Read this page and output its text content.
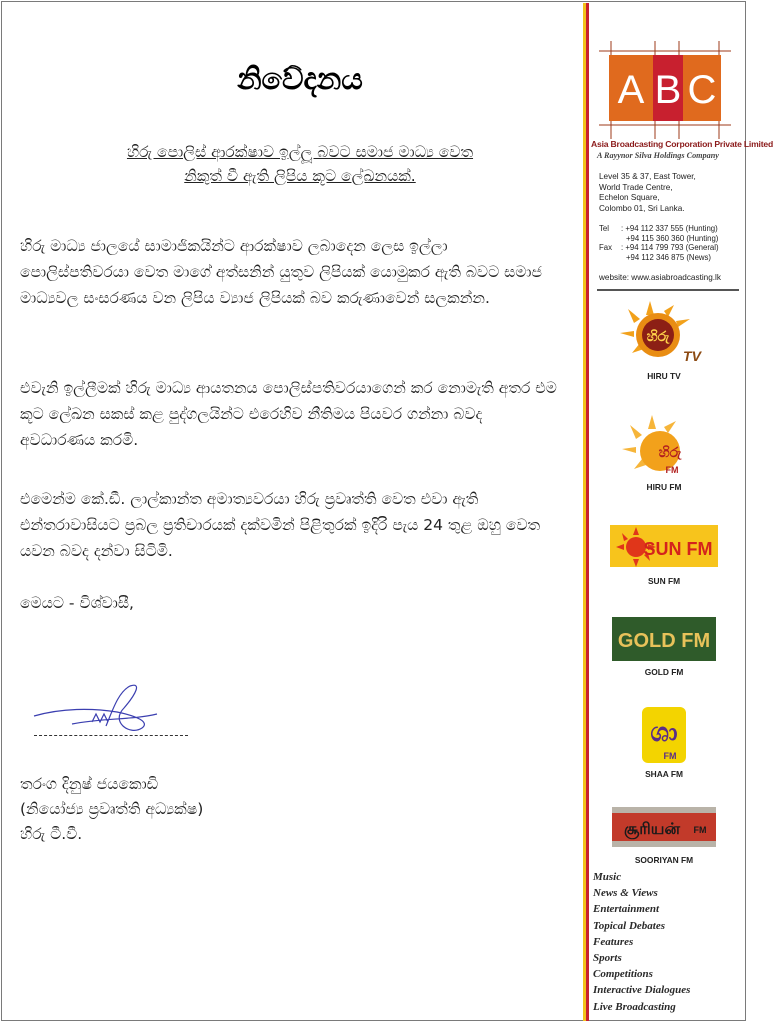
නිවේදනය
හිරු පොලිස් ආරක්ෂාව ඉල්ලූ බවට සමාජ මාධ්‍ය වෙත
නිකුත් වී ඇති ලිපිය කූට ලේඛනයක්.

හිරු මාධ්‍ය ජාලයේ සාමාජිකයින්ට ආරක්ෂාව ලබාදෙන ලෙස ඉල්ලා පොලිස්පතිවරයා වෙත මාගේ අත්සනින් යුතුව ලිපියක් යොමුකර ඇති බවට සමාජ මාධ්‍යවල සංසරණය වන ලිපිය ව්‍යාජ ලිපියක් බව කරුණාවෙන් සලකන්න.

එවැනි ඉල්ලීමක් හිරු මාධ්‍ය ආයතනය පොලිස්පතිවරයාගෙන් කර නොමැති අතර එම කූට ලේඛන සකස් කළ පුද්ගලයින්ට එරෙහිව නීතිමය පියවර ගන්නා බවද අවධාරණය කරමි.

එමෙන්ම කේ.ඩී. ලාල්කාන්ත අමාත්‍යවරයා හිරු ප්‍රවෘත්ති වෙත එවා ඇති එන්තරාවාසියට ප්‍රබල ප්‍රතිචාරයක් දක්වමින් පිළිතුරක් ඉදිරි පැය 24 තුළ ඔහු වෙත යවන බවද දන්වා සිටිමි.

මෙයට - විශ්වාසී,

තරංග දිනුෂ් ජයකොඩි
(නියෝජ්‍ය ප්‍රවෘත්ති අධ්‍යක්ෂ)
හිරු ටී.වී.
A B C
Asia Broadcasting Corporation Private Limited
A Rayynor Silva Holdings Company
Level 35 & 37, East Tower,
World Trade Centre,
Echelon Square,
Colombo 01, Sri Lanka.
Tel	: +94 112 337 555 (Hunting)
+94 115 360 360 (Hunting)
Fax	: +94 114 799 793 (General)
+94 112 346 875 (News)
website: www.asiabroadcasting.lk
හිරු
TV
HIRU TV
හිරු
FM
HIRU FM
SUN FM
SUN FM
GOLD FM
GOLD FM
ශා
FM
SHAA FM
சூரியன் FM
SOORIYAN FM
Music
News & Views
Entertainment
Topical Debates
Features
Sports
Competitions
Interactive Dialogues
Live Broadcasting
